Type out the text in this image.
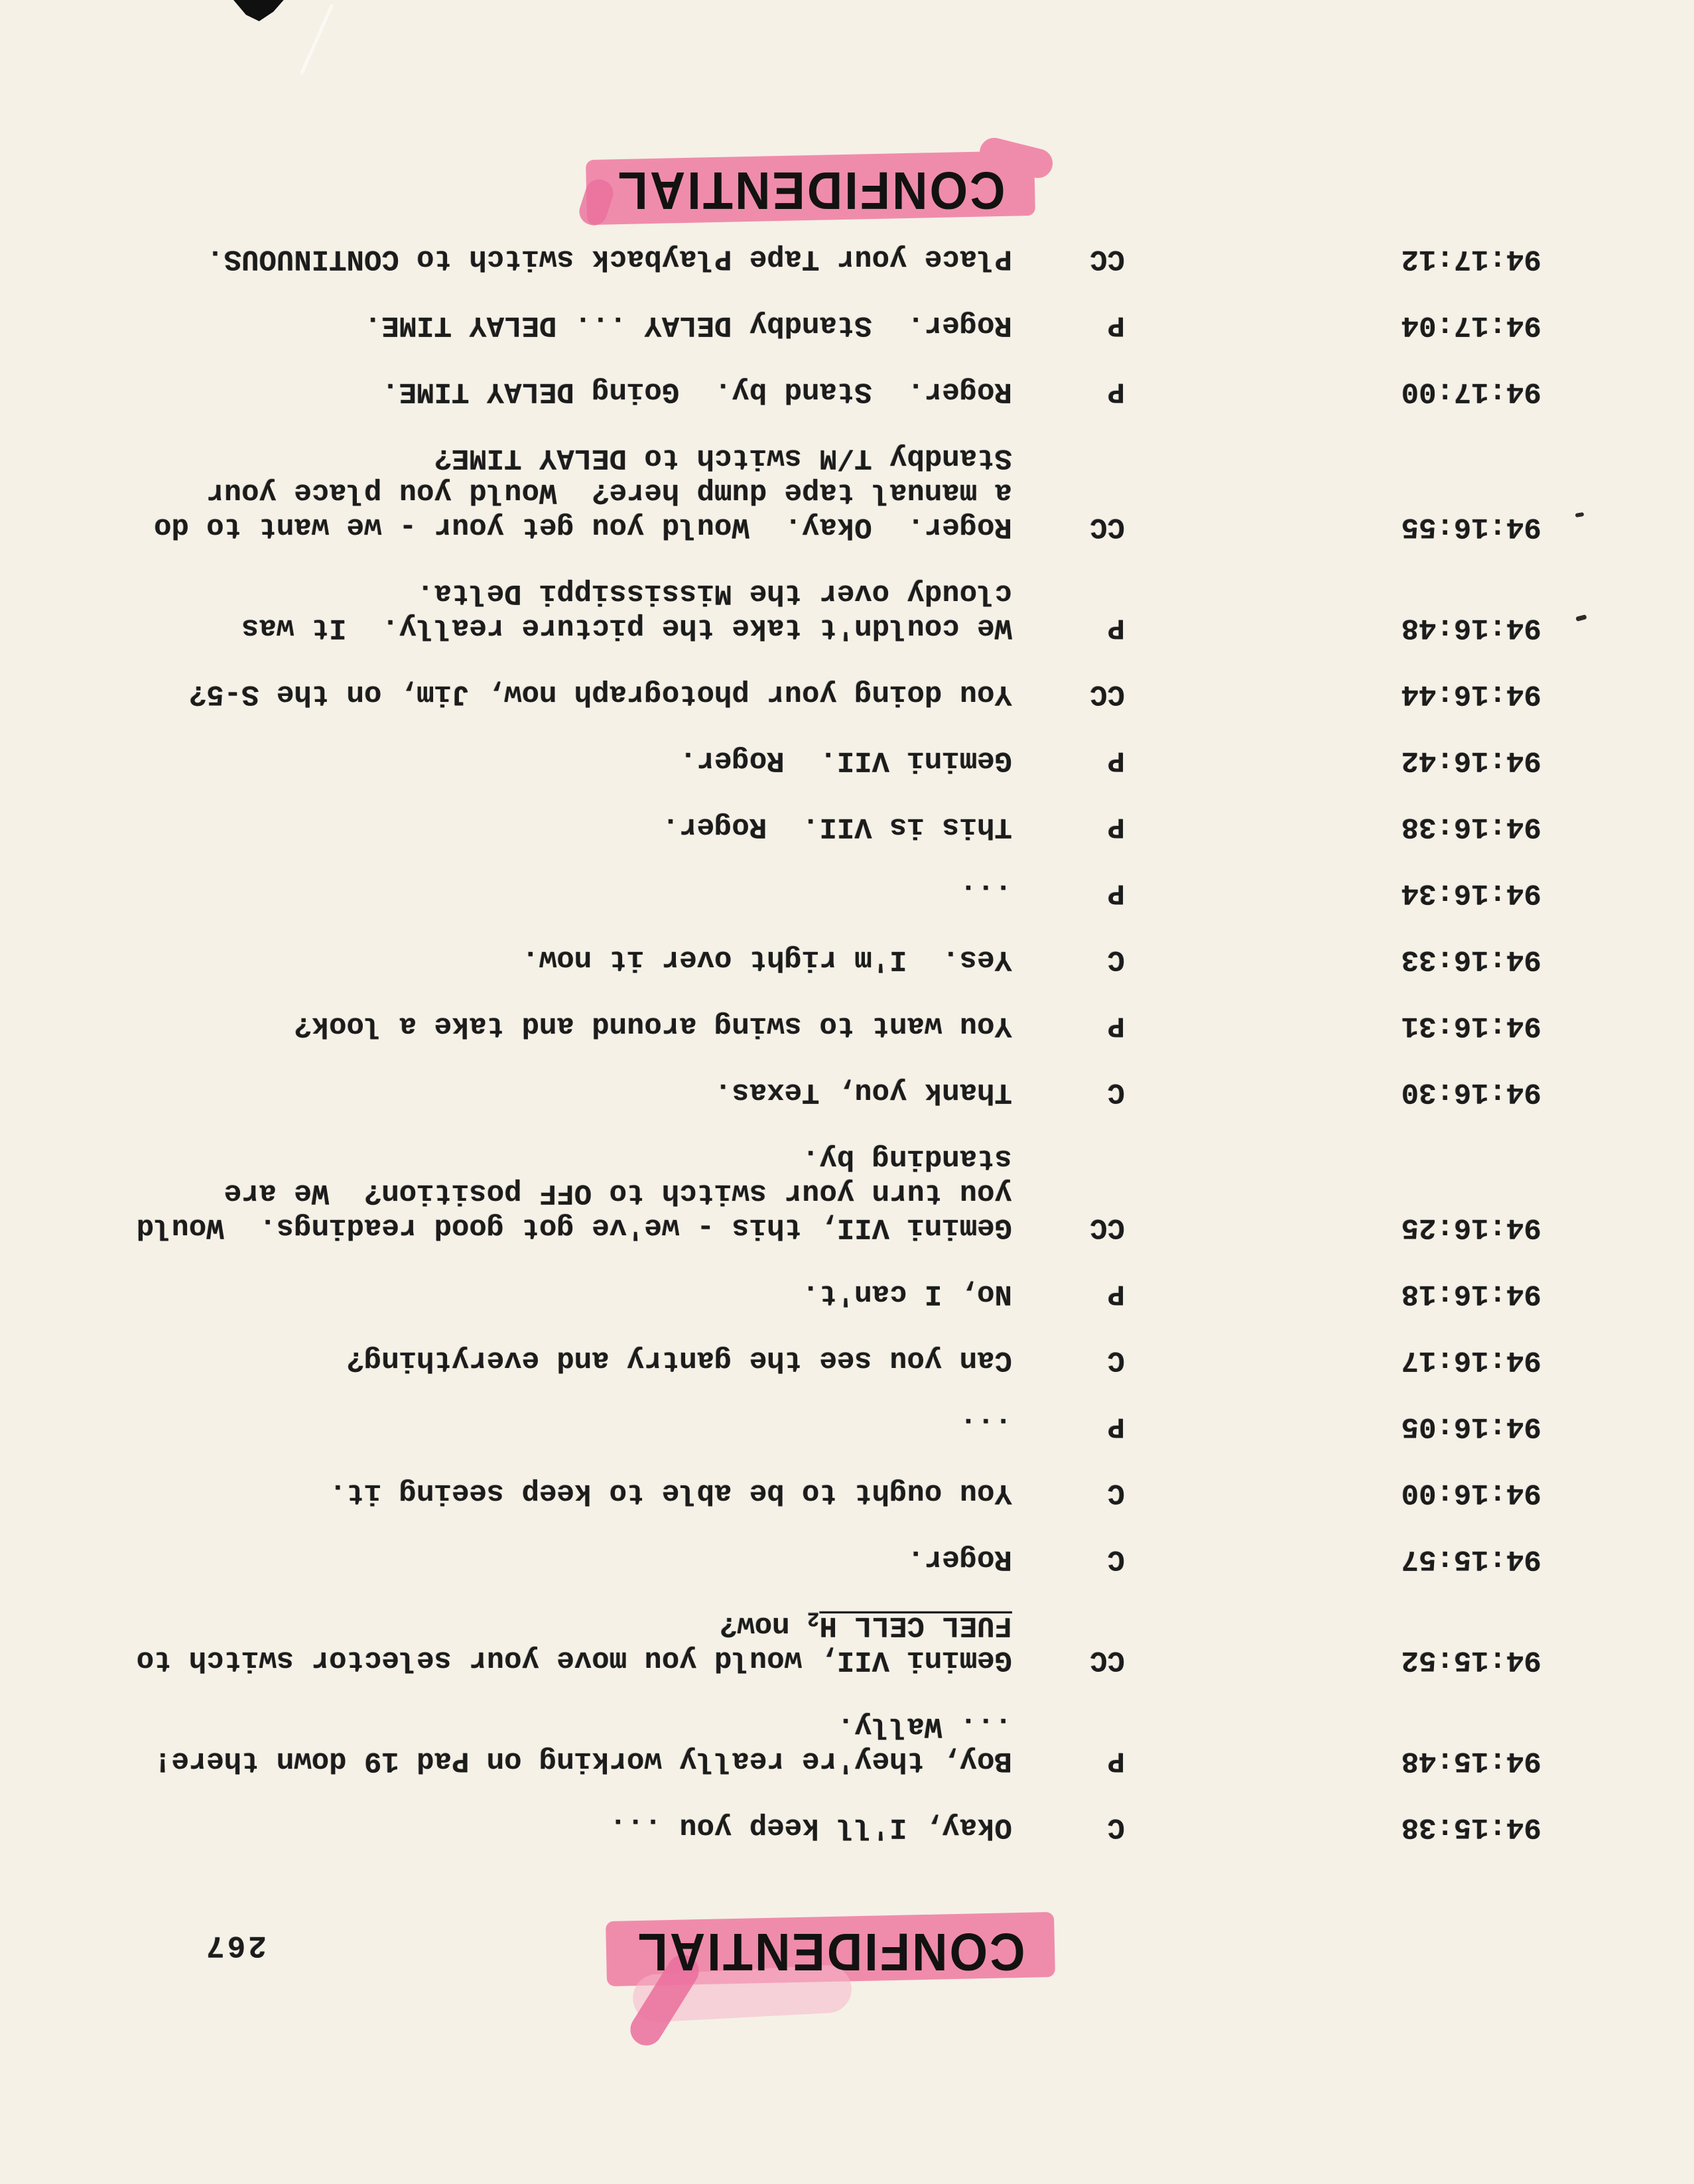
CONFIDENTIAL
267
94:15:38
C
Okay, I'll keep you ...
94:15:48
P
Boy, they're really working on Pad 19 down there!
... Wally.
94:15:52
CC
Gemini VII, would you move your selector switch to
FUEL CELL $H_2$ now?
94:15:57
C
Roger.
94:16:00
C
You ought to be able to keep seeing it.
94:16:05
P
...
94:16:17
C
Can you see the gantry and everything?
94:16:18
P
No, I can't.
94:16:25
CC
Gemini VII, this - we've got good readings.  Would
you turn your switch to OFF position?  We are
standing by.
94:16:30
C
Thank you, Texas.
94:16:31
P
You want to swing around and take a look?
94:16:33
C
Yes.  I'm right over it now.
94:16:34
P
...
94:16:38
P
This is VII.  Roger.
94:16:42
P
Gemini VII.  Roger.
94:16:44
CC
You doing your photograph now, Jim, on the S-5?
94:16:48
P
We couldn't take the picture really.  It was
cloudy over the Mississippi Delta.
94:16:55
CC
Roger.  Okay.  Would you get your - we want to do
a manual tape dump here?  Would you place your
Standby T/M switch to DELAY TIME?
94:17:00
P
Roger.  Stand by.  Going DELAY TIME.
94:17:04
P
Roger.  Standby DELAY ... DELAY TIME.
94:17:12
CC
Place your Tape Playback switch to CONTINUOUS.
CONFIDENTIAL
